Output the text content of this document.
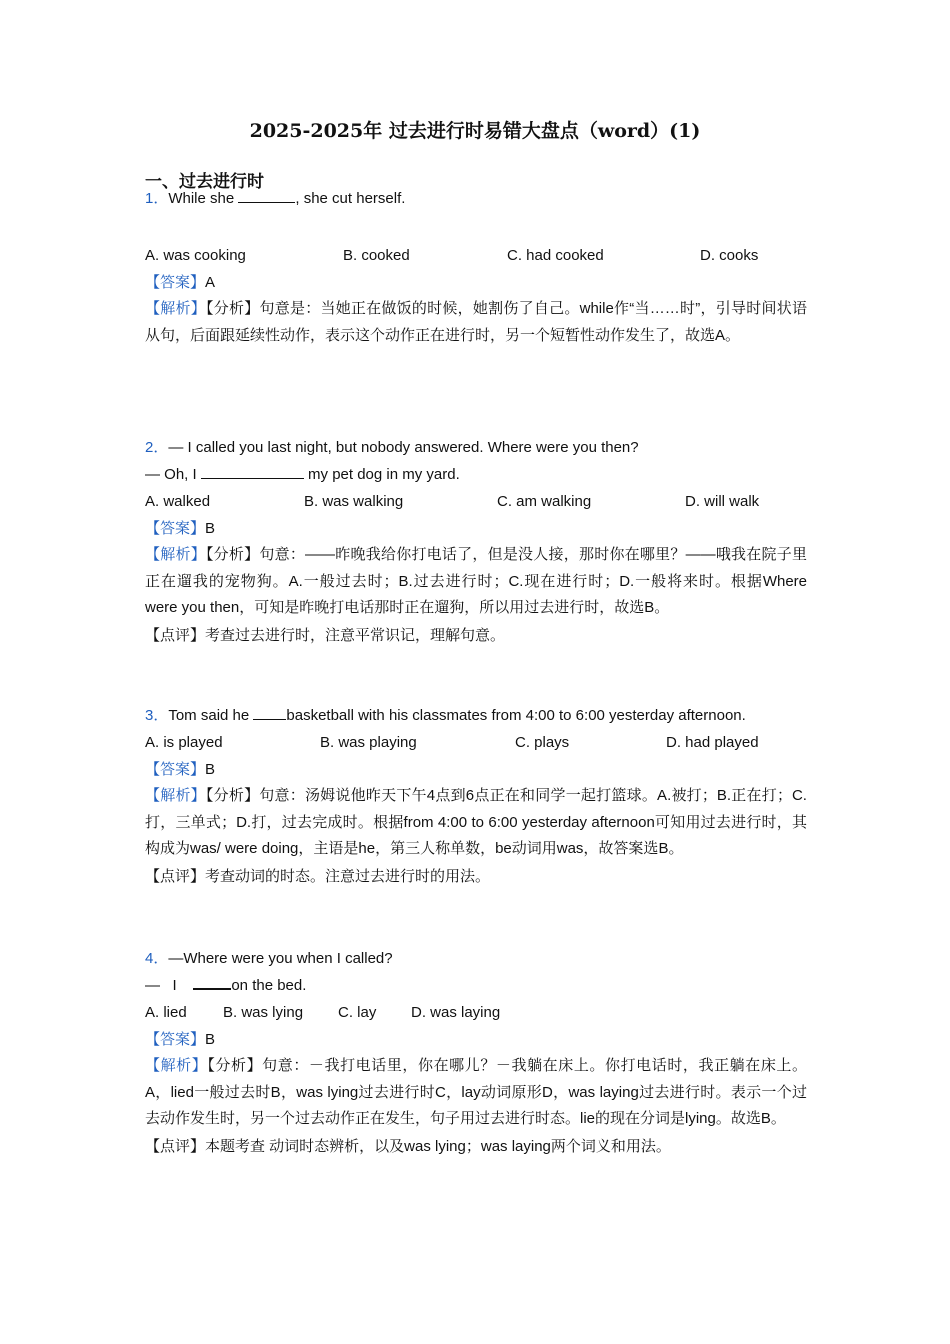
2025-2025年 过去进行时易错大盘点（word）(1)
一、过去进行时
1．While she	, she cut herself.
A. was cooking	B. cooked	C. had cooked	D. cooks
【答案】A
【解析】【分析】句意是：当她正在做饭的时候，她割伤了自己。while作“当……时”，引导时间状语从句，后面跟延续性动作，表示这个动作正在进行时，另一个短暂性动作发生了，故选A。
2．— I called you last night, but nobody answered. Where were you then?
— Oh, I	my pet dog in my yard.
A. walked	B. was walking	C. am walking	D. will walk
【答案】B
【解析】【分析】句意：——昨晚我给你打电话了，但是没人接，那时你在哪里？——哦我在院子里正在遛我的宠物狗。A.一般过去时；B.过去进行时；C.现在进行时；D.一般将来时。根据Where were you then，可知是昨晚打电话那时正在遛狗，所以用过去进行时，故选B。
【点评】考查过去进行时，注意平常识记，理解句意。
3．Tom said he basketball with his classmates from 4:00 to 6:00 yesterday afternoon.
A. is played	B. was playing	C. plays	D. had played
【答案】B
【解析】【分析】句意：汤姆说他昨天下午4点到6点正在和同学一起打篮球。A.被打；B.正在打；C.打，三单式；D.打，过去完成时。根据from 4:00 to 6:00 yesterday afternoon可知用过去进行时，其构成为was/ were doing，主语是he，第三人称单数，be动词用was，故答案选B。
【点评】考查动词的时态。注意过去进行时的用法。
4．—Where were you when I called?
—   I	on the bed.
A. lied B. was lying C. lay D. was laying
【答案】B
【解析】【分析】句意：－我打电话里，你在哪儿？－我躺在床上。你打电话时，我正躺在床上。A，lied一般过去时B，was lying过去进行时C，lay动词原形D，was laying过去进行时。表示一个过去动作发生时，另一个过去动作正在发生，句子用过去进行时态。lie的现在分词是lying。故选B。
【点评】本题考查 动词时态辨析，以及was lying；was laying两个词义和用法。
